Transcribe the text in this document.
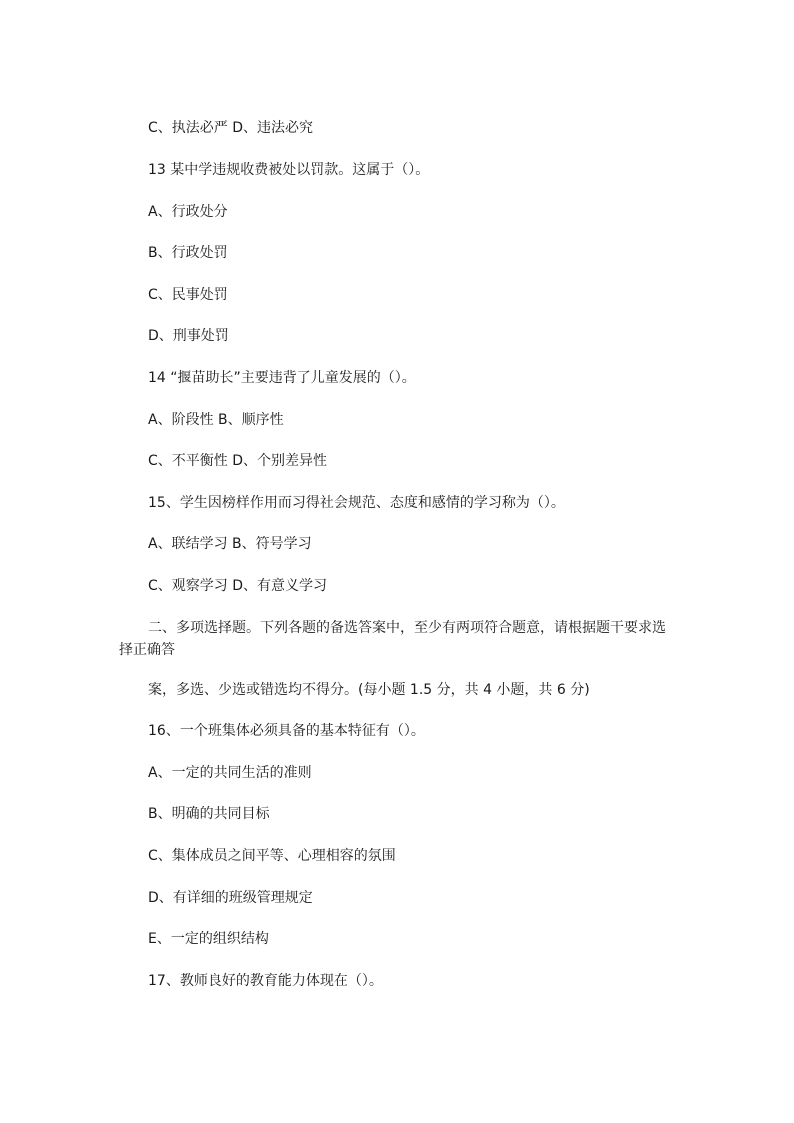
C、执法必严 D、违法必究
13 某中学违规收费被处以罚款。这属于（）。
A、行政处分
B、行政处罚
C、民事处罚
D、刑事处罚
14 “揠苗助长”主要违背了儿童发展的（）。
A、阶段性 B、顺序性
C、不平衡性 D、个别差异性
15、学生因榜样作用而习得社会规范、态度和感情的学习称为（）。
A、联结学习 B、符号学习
C、观察学习 D、有意义学习
二、多项选择题。下列各题的备选答案中，至少有两项符合题意，请根据题干要求选择正确答
案，多选、少选或错选均不得分。(每小题 1.5 分，共 4 小题，共 6 分)
16、一个班集体必须具备的基本特征有（）。
A、一定的共同生活的准则
B、明确的共同目标
C、集体成员之间平等、心理相容的氛围
D、有详细的班级管理规定
E、一定的组织结构
17、教师良好的教育能力体现在（）。
